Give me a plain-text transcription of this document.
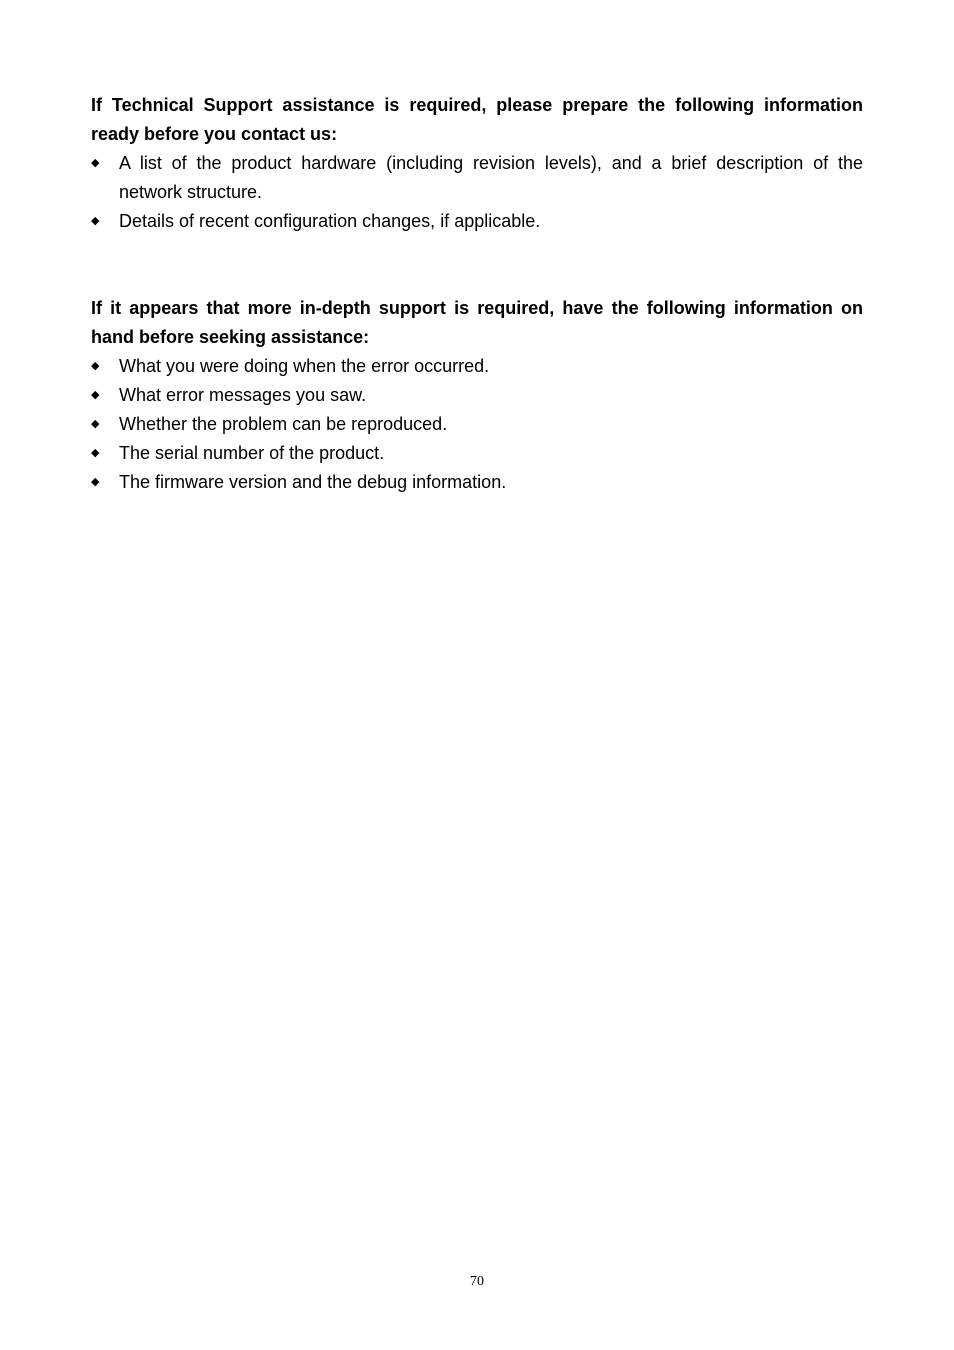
If Technical Support assistance is required, please prepare the following information ready before you contact us:

◆ A list of the product hardware (including revision levels), and a brief description of the network structure.
◆ Details of recent configuration changes, if applicable.

If it appears that more in-depth support is required, have the following information on hand before seeking assistance:

◆ What you were doing when the error occurred.
◆ What error messages you saw.
◆ Whether the problem can be reproduced.
◆ The serial number of the product.
◆ The firmware version and the debug information.
70
